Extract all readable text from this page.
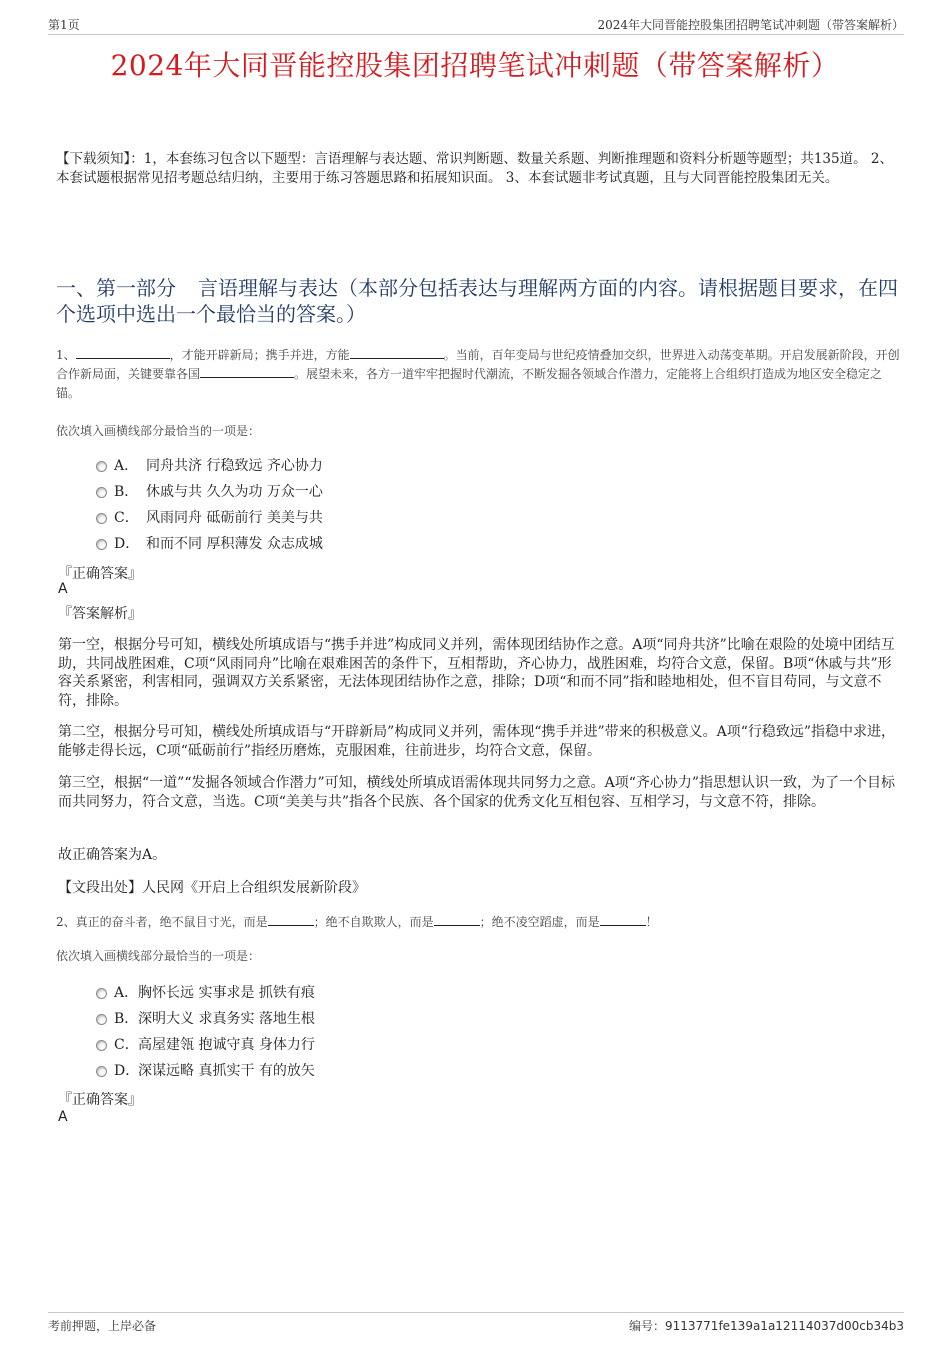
第1页	2024年大同晋能控股集团招聘笔试冲刺题（带答案解析）
2024年大同晋能控股集团招聘笔试冲刺题（带答案解析）
【下载须知】：1，本套练习包含以下题型：言语理解与表达题、常识判断题、数量关系题、判断推理题和资料分析题等题型；共135道。 2、本套试题根据常见招考题总结归纳，主要用于练习答题思路和拓展知识面。 3、本套试题非考试真题，且与大同晋能控股集团无关。
一、第一部分 言语理解与表达（本部分包括表达与理解两方面的内容。请根据题目要求，在四个选项中选出一个最恰当的答案。）
1、	，才能开辟新局；携手并进，方能	。当前，百年变局与世纪疫情叠加交织，世界进入动荡变革期。开启发展新阶段，开创合作新局面，关键要靠各国	。展望未来，各方一道牢牢把握时代潮流，不断发掘各领域合作潜力，定能将上合组织打造成为地区安全稳定之锚。
依次填入画横线部分最恰当的一项是：
A． 同舟共济 行稳致远 齐心协力
B． 休戚与共 久久为功 万众一心
C． 风雨同舟 砥砺前行 美美与共
D． 和而不同 厚积薄发 众志成城
『正确答案』
A
『答案解析』
第一空，根据分号可知，横线处所填成语与“携手并进”构成同义并列，需体现团结协作之意。A项“同舟共济”比喻在艰险的处境中团结互助，共同战胜困难，C项“风雨同舟”比喻在艰难困苦的条件下，互相帮助，齐心协力，战胜困难，均符合文意，保留。B项“休戚与共”形容关系紧密，利害相同，强调双方关系紧密，无法体现团结协作之意，排除；D项“和而不同”指和睦地相处，但不盲目苟同，与文意不符，排除。
第二空，根据分号可知，横线处所填成语与“开辟新局”构成同义并列，需体现“携手并进”带来的积极意义。A项“行稳致远”指稳中求进，能够走得长远，C项“砥砺前行”指经历磨炼，克服困难，往前进步，均符合文意，保留。
第三空，根据“一道”“发掘各领域合作潜力”可知，横线处所填成语需体现共同努力之意。A项“齐心协力”指思想认识一致，为了一个目标而共同努力，符合文意，当选。C项“美美与共”指各个民族、各个国家的优秀文化互相包容、互相学习，与文意不符，排除。
故正确答案为A。
【文段出处】人民网《开启上合组织发展新阶段》
2、真正的奋斗者，绝不鼠目寸光，而是	；绝不自欺欺人，而是	；绝不凌空蹈虚，而是	！
依次填入画横线部分最恰当的一项是：
A． 胸怀长远 实事求是 抓铁有痕
B． 深明大义 求真务实 落地生根
C． 高屋建瓴 抱诚守真 身体力行
D．
深谋远略 真抓实干 有的放矢
『正确答案』
A
考前押题，上岸必备	编号：9113771fe139a1a12114037d00cb34b3
